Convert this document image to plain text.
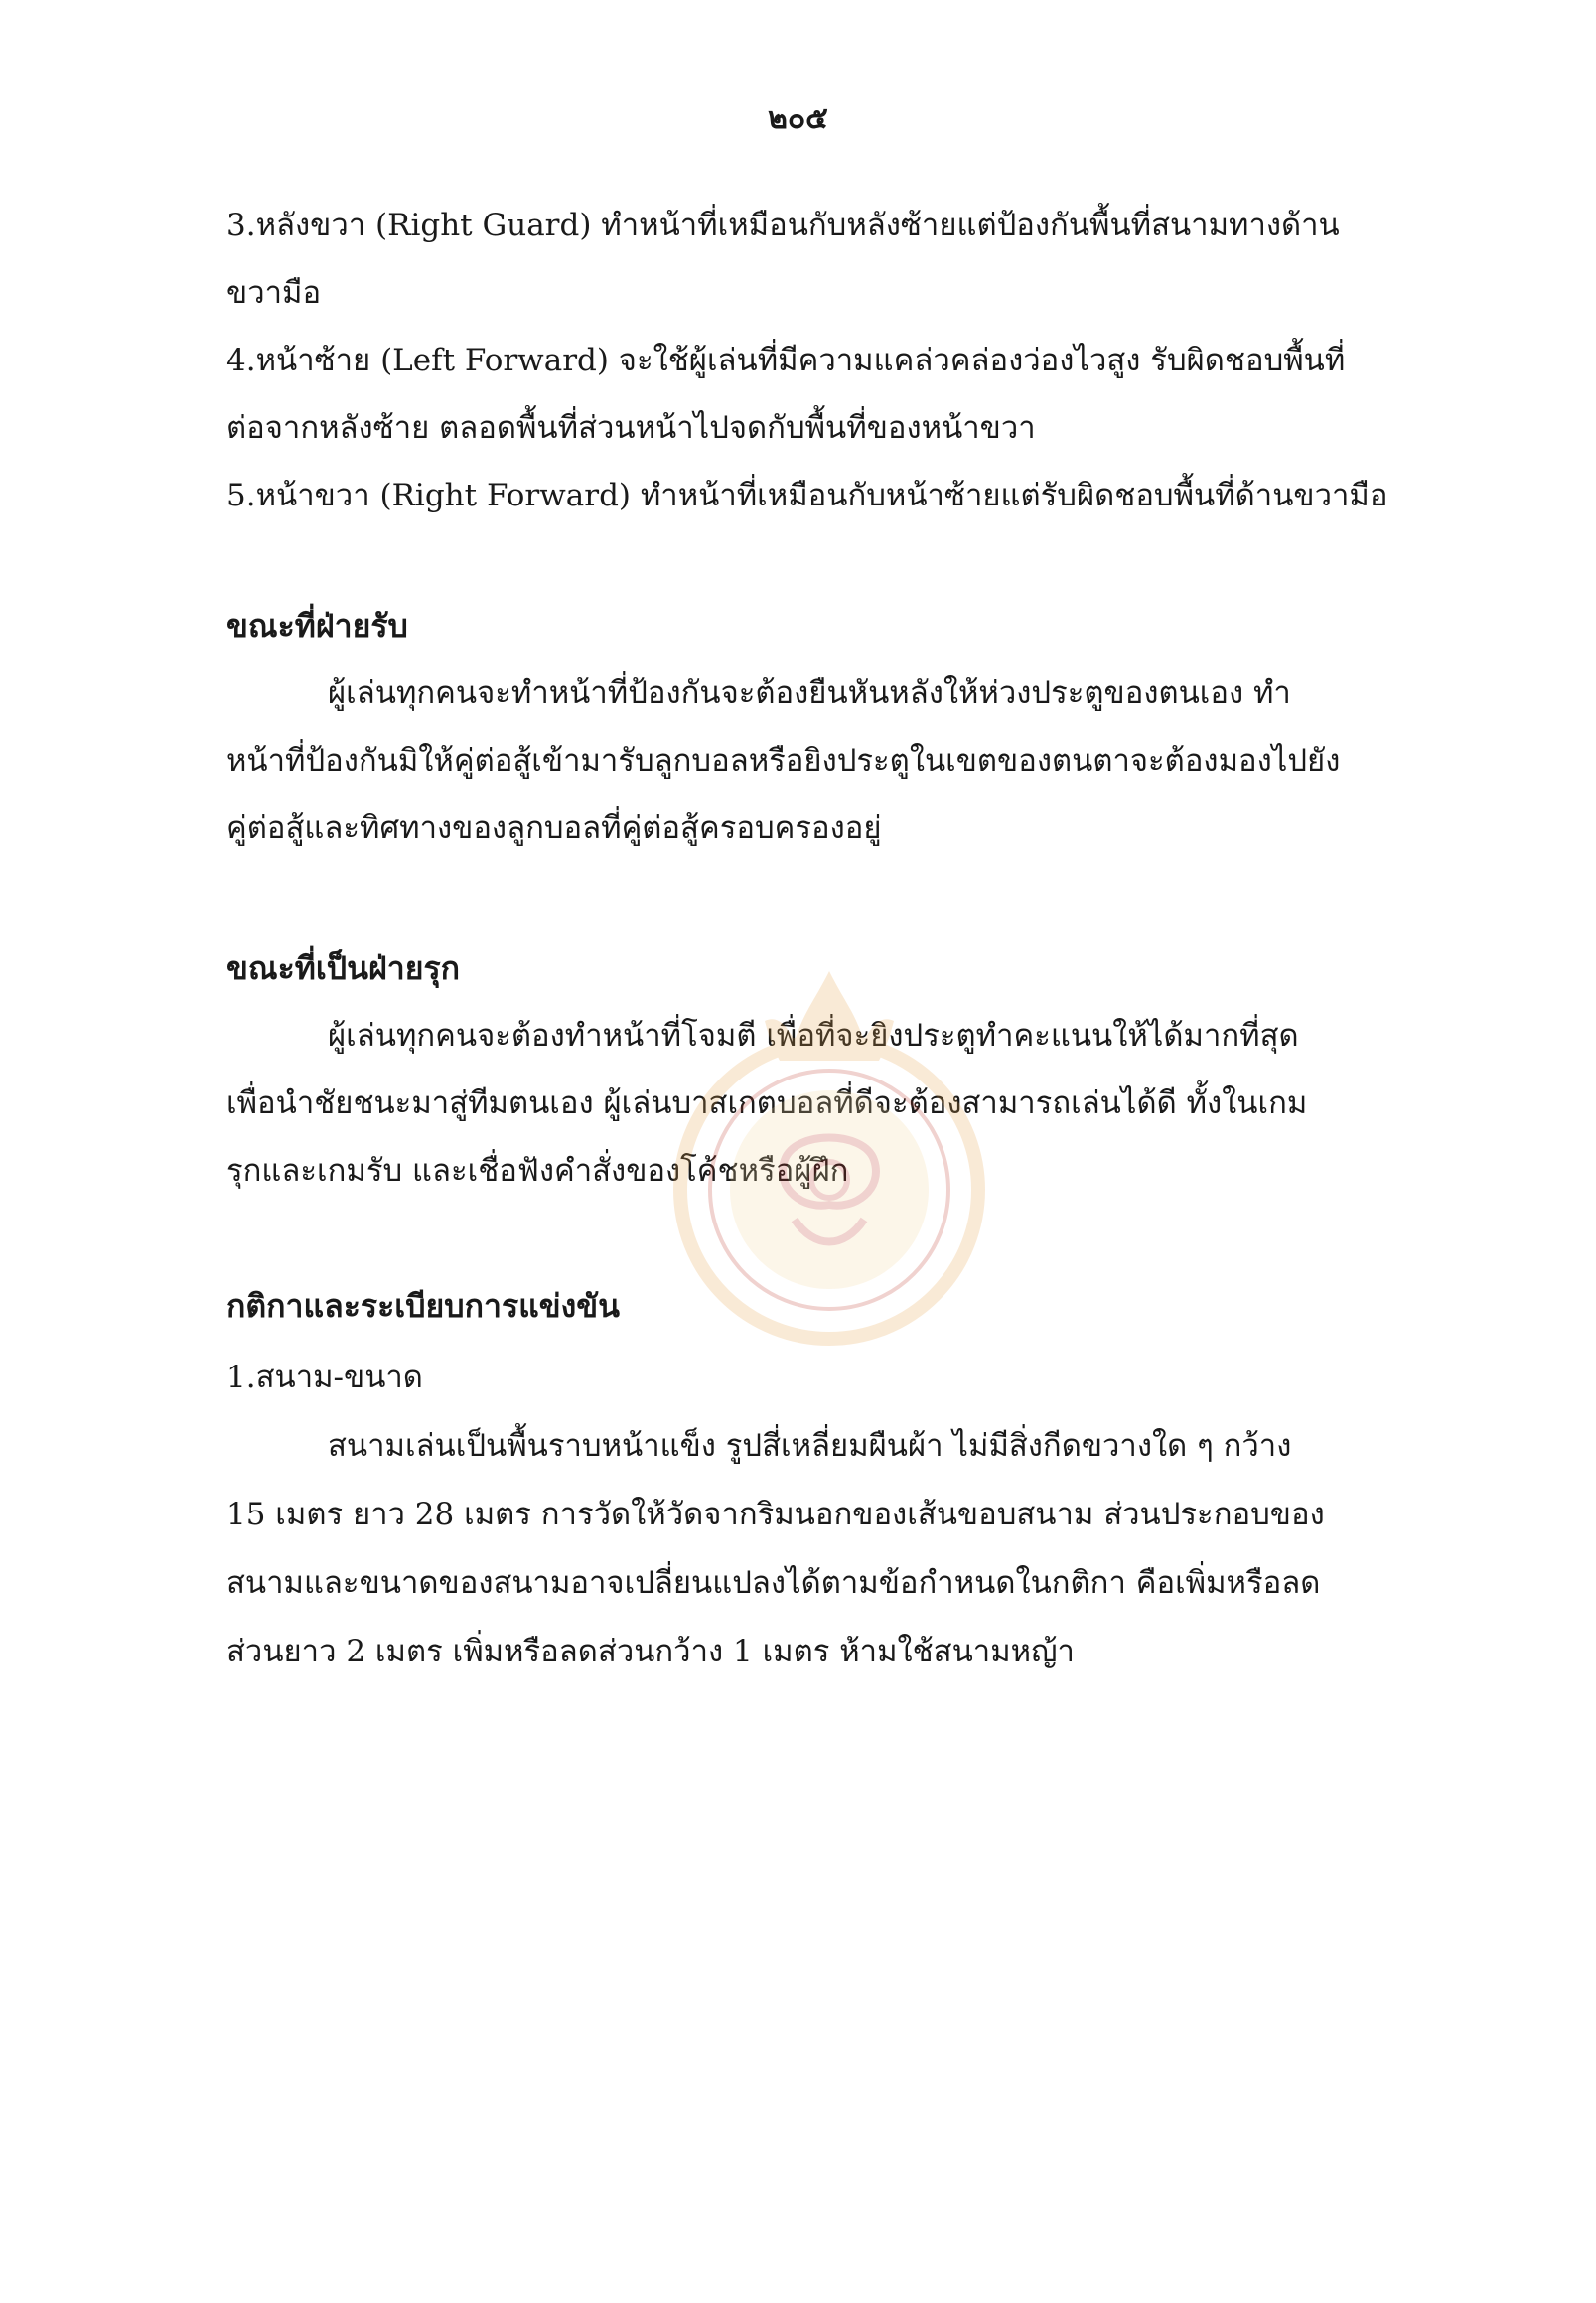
๒๐๕
3.หลังขวา (Right Guard) ทำหน้าที่เหมือนกับหลังซ้ายแต่ป้องกันพื้นที่สนามทางด้าน
ขวามือ
4.หน้าซ้าย (Left Forward) จะใช้ผู้เล่นที่มีความแคล่วคล่องว่องไวสูง รับผิดชอบพื้นที่
ต่อจากหลังซ้าย ตลอดพื้นที่ส่วนหน้าไปจดกับพื้นที่ของหน้าขวา
5.หน้าขวา (Right Forward) ทำหน้าที่เหมือนกับหน้าซ้ายแต่รับผิดชอบพื้นที่ด้านขวามือ
ขณะที่ฝ่ายรับ
ผู้เล่นทุกคนจะทำหน้าที่ป้องกันจะต้องยืนหันหลังให้ห่วงประตูของตนเอง ทำ
หน้าที่ป้องกันมิให้คู่ต่อสู้เข้ามารับลูกบอลหรือยิงประตูในเขตของตนตาจะต้องมองไปยัง
คู่ต่อสู้และทิศทางของลูกบอลที่คู่ต่อสู้ครอบครองอยู่
ขณะที่เป็นฝ่ายรุก
ผู้เล่นทุกคนจะต้องทำหน้าที่โจมตี เพื่อที่จะยิงประตูทำคะแนนให้ได้มากที่สุด
เพื่อนำชัยชนะมาสู่ทีมตนเอง ผู้เล่นบาสเกตบอลที่ดีจะต้องสามารถเล่นได้ดี ทั้งในเกม
รุกและเกมรับ และเชื่อฟังคำสั่งของโค้ชหรือผู้ฝึก
กติกาและระเบียบการแข่งขัน
1.สนาม-ขนาด
สนามเล่นเป็นพื้นราบหน้าแข็ง รูปสี่เหลี่ยมผืนผ้า ไม่มีสิ่งกีดขวางใด ๆ กว้าง
15 เมตร ยาว 28 เมตร การวัดให้วัดจากริมนอกของเส้นขอบสนาม ส่วนประกอบของ
สนามและขนาดของสนามอาจเปลี่ยนแปลงได้ตามข้อกำหนดในกติกา คือเพิ่มหรือลด
ส่วนยาว 2 เมตร เพิ่มหรือลดส่วนกว้าง 1 เมตร ห้ามใช้สนามหญ้า
